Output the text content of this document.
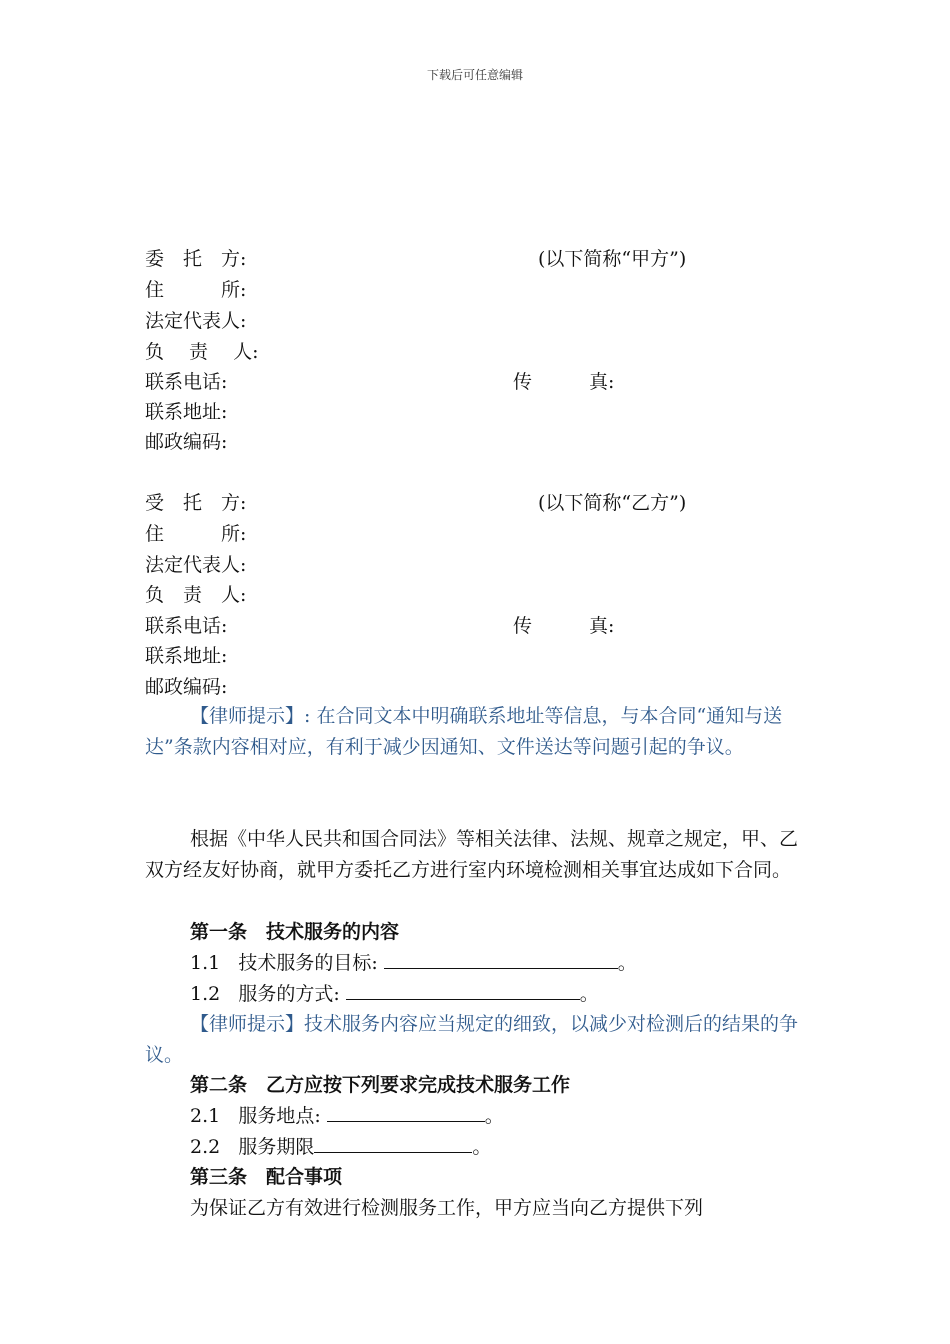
下载后可任意编辑
委　托　方:	(以下简称“甲方”)
住　　　所:
法定代表人:
负　 责 　人:
联系电话:	传　　　真:
联系地址:
邮政编码:
受　托　方:	(以下简称“乙方”)
住　　　所:
法定代表人:
负　责　人:
联系电话:	传　　　真:
联系地址:
邮政编码:
【律师提示】: 在合同文本中明确联系地址等信息，与本合同“通知与送达”条款内容相对应，有利于减少因通知、文件送达等问题引起的争议。
根据《中华人民共和国合同法》等相关法律、法规、规章之规定，甲、乙双方经友好协商，就甲方委托乙方进行室内环境检测相关事宜达成如下合同。
第一条　技术服务的内容
1.1 技术服务的目标:	。
1.2 服务的方式:	。
【律师提示】技术服务内容应当规定的细致，以减少对检测后的结果的争议。
第二条　乙方应按下列要求完成技术服务工作
2.1 服务地点:	。
2.2 服务期限	。
第三条　配合事项
为保证乙方有效进行检测服务工作，甲方应当向乙方提供下列
